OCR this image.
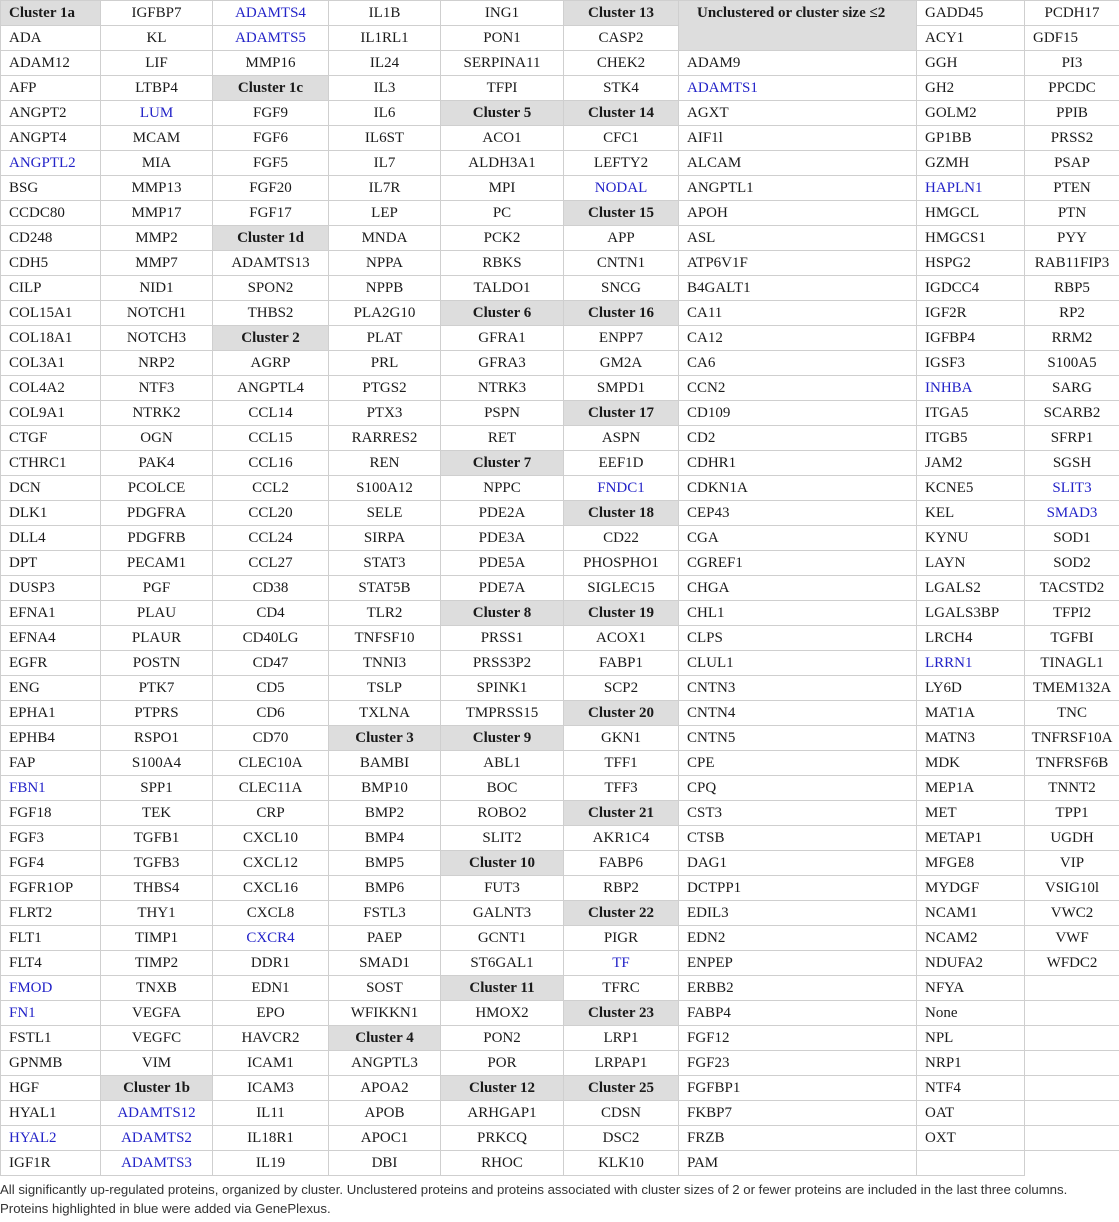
Cluster 1a	IGFBP7	ADAMTS4	IL1B	ING1	Cluster 13	Unclustered or cluster size ≤2	GADD45	PCDH17	
ADA	KL	ADAMTS5	IL1RL1	PON1	CASP2		ACY1	GDF15	
ADAM12	LIF	MMP16	IL24	SERPINA11	CHEK2	ADAM9	GGH	PI3	
AFP	LTBP4	Cluster 1c	IL3	TFPI	STK4	ADAMTS1	GH2	PPCDC	
ANGPT2	LUM	FGF9	IL6	Cluster 5	Cluster 14	AGXT	GOLM2	PPIB	
ANGPT4	MCAM	FGF6	IL6ST	ACO1	CFC1	AIF1l	GP1BB	PRSS2	
ANGPTL2	MIA	FGF5	IL7	ALDH3A1	LEFTY2	ALCAM	GZMH	PSAP	
BSG	MMP13	FGF20	IL7R	MPI	NODAL	ANGPTL1	HAPLN1	PTEN	
CCDC80	MMP17	FGF17	LEP	PC	Cluster 15	APOH	HMGCL	PTN	
CD248	MMP2	Cluster 1d	MNDA	PCK2	APP	ASL	HMGCS1	PYY	
CDH5	MMP7	ADAMTS13	NPPA	RBKS	CNTN1	ATP6V1F	HSPG2	RAB11FIP3	
CILP	NID1	SPON2	NPPB	TALDO1	SNCG	B4GALT1	IGDCC4	RBP5	
COL15A1	NOTCH1	THBS2	PLA2G10	Cluster 6	Cluster 16	CA11	IGF2R	RP2	
COL18A1	NOTCH3	Cluster 2	PLAT	GFRA1	ENPP7	CA12	IGFBP4	RRM2	
COL3A1	NRP2	AGRP	PRL	GFRA3	GM2A	CA6	IGSF3	S100A5	
COL4A2	NTF3	ANGPTL4	PTGS2	NTRK3	SMPD1	CCN2	INHBA	SARG	
COL9A1	NTRK2	CCL14	PTX3	PSPN	Cluster 17	CD109	ITGA5	SCARB2	
CTGF	OGN	CCL15	RARRES2	RET	ASPN	CD2	ITGB5	SFRP1	
CTHRC1	PAK4	CCL16	REN	Cluster 7	EEF1D	CDHR1	JAM2	SGSH	
DCN	PCOLCE	CCL2	S100A12	NPPC	FNDC1	CDKN1A	KCNE5	SLIT3	
DLK1	PDGFRA	CCL20	SELE	PDE2A	Cluster 18	CEP43	KEL	SMAD3	
DLL4	PDGFRB	CCL24	SIRPA	PDE3A	CD22	CGA	KYNU	SOD1	
DPT	PECAM1	CCL27	STAT3	PDE5A	PHOSPHO1	CGREF1	LAYN	SOD2	
DUSP3	PGF	CD38	STAT5B	PDE7A	SIGLEC15	CHGA	LGALS2	TACSTD2	
EFNA1	PLAU	CD4	TLR2	Cluster 8	Cluster 19	CHL1	LGALS3BP	TFPI2	
EFNA4	PLAUR	CD40LG	TNFSF10	PRSS1	ACOX1	CLPS	LRCH4	TGFBI	
EGFR	POSTN	CD47	TNNI3	PRSS3P2	FABP1	CLUL1	LRRN1	TINAGL1	
ENG	PTK7	CD5	TSLP	SPINK1	SCP2	CNTN3	LY6D	TMEM132A	
EPHA1	PTPRS	CD6	TXLNA	TMPRSS15	Cluster 20	CNTN4	MAT1A	TNC	
EPHB4	RSPO1	CD70	Cluster 3	Cluster 9	GKN1	CNTN5	MATN3	TNFRSF10A	
FAP	S100A4	CLEC10A	BAMBI	ABL1	TFF1	CPE	MDK	TNFRSF6B	
FBN1	SPP1	CLEC11A	BMP10	BOC	TFF3	CPQ	MEP1A	TNNT2	
FGF18	TEK	CRP	BMP2	ROBO2	Cluster 21	CST3	MET	TPP1	
FGF3	TGFB1	CXCL10	BMP4	SLIT2	AKR1C4	CTSB	METAP1	UGDH	
FGF4	TGFB3	CXCL12	BMP5	Cluster 10	FABP6	DAG1	MFGE8	VIP	
FGFR1OP	THBS4	CXCL16	BMP6	FUT3	RBP2	DCTPP1	MYDGF	VSIG10l	
FLRT2	THY1	CXCL8	FSTL3	GALNT3	Cluster 22	EDIL3	NCAM1	VWC2	
FLT1	TIMP1	CXCR4	PAEP	GCNT1	PIGR	EDN2	NCAM2	VWF	
FLT4	TIMP2	DDR1	SMAD1	ST6GAL1	TF	ENPEP	NDUFA2	WFDC2	
FMOD	TNXB	EDN1	SOST	Cluster 11	TFRC	ERBB2	NFYA		
FN1	VEGFA	EPO	WFIKKN1	HMOX2	Cluster 23	FABP4	None		
FSTL1	VEGFC	HAVCR2	Cluster 4	PON2	LRP1	FGF12	NPL		
GPNMB	VIM	ICAM1	ANGPTL3	POR	LRPAP1	FGF23	NRP1		
HGF	Cluster 1b	ICAM3	APOA2	Cluster 12	Cluster 25	FGFBP1	NTF4		
HYAL1	ADAMTS12	IL11	APOB	ARHGAP1	CDSN	FKBP7	OAT		
HYAL2	ADAMTS2	IL18R1	APOC1	PRKCQ	DSC2	FRZB	OXT		
IGF1R	ADAMTS3	IL19	DBI	RHOC	KLK10	PAM			

All significantly up-regulated proteins, organized by cluster. Unclustered proteins and proteins associated with cluster sizes of 2 or fewer proteins are included in the last three columns. Proteins highlighted in blue were added via GenePlexus.
